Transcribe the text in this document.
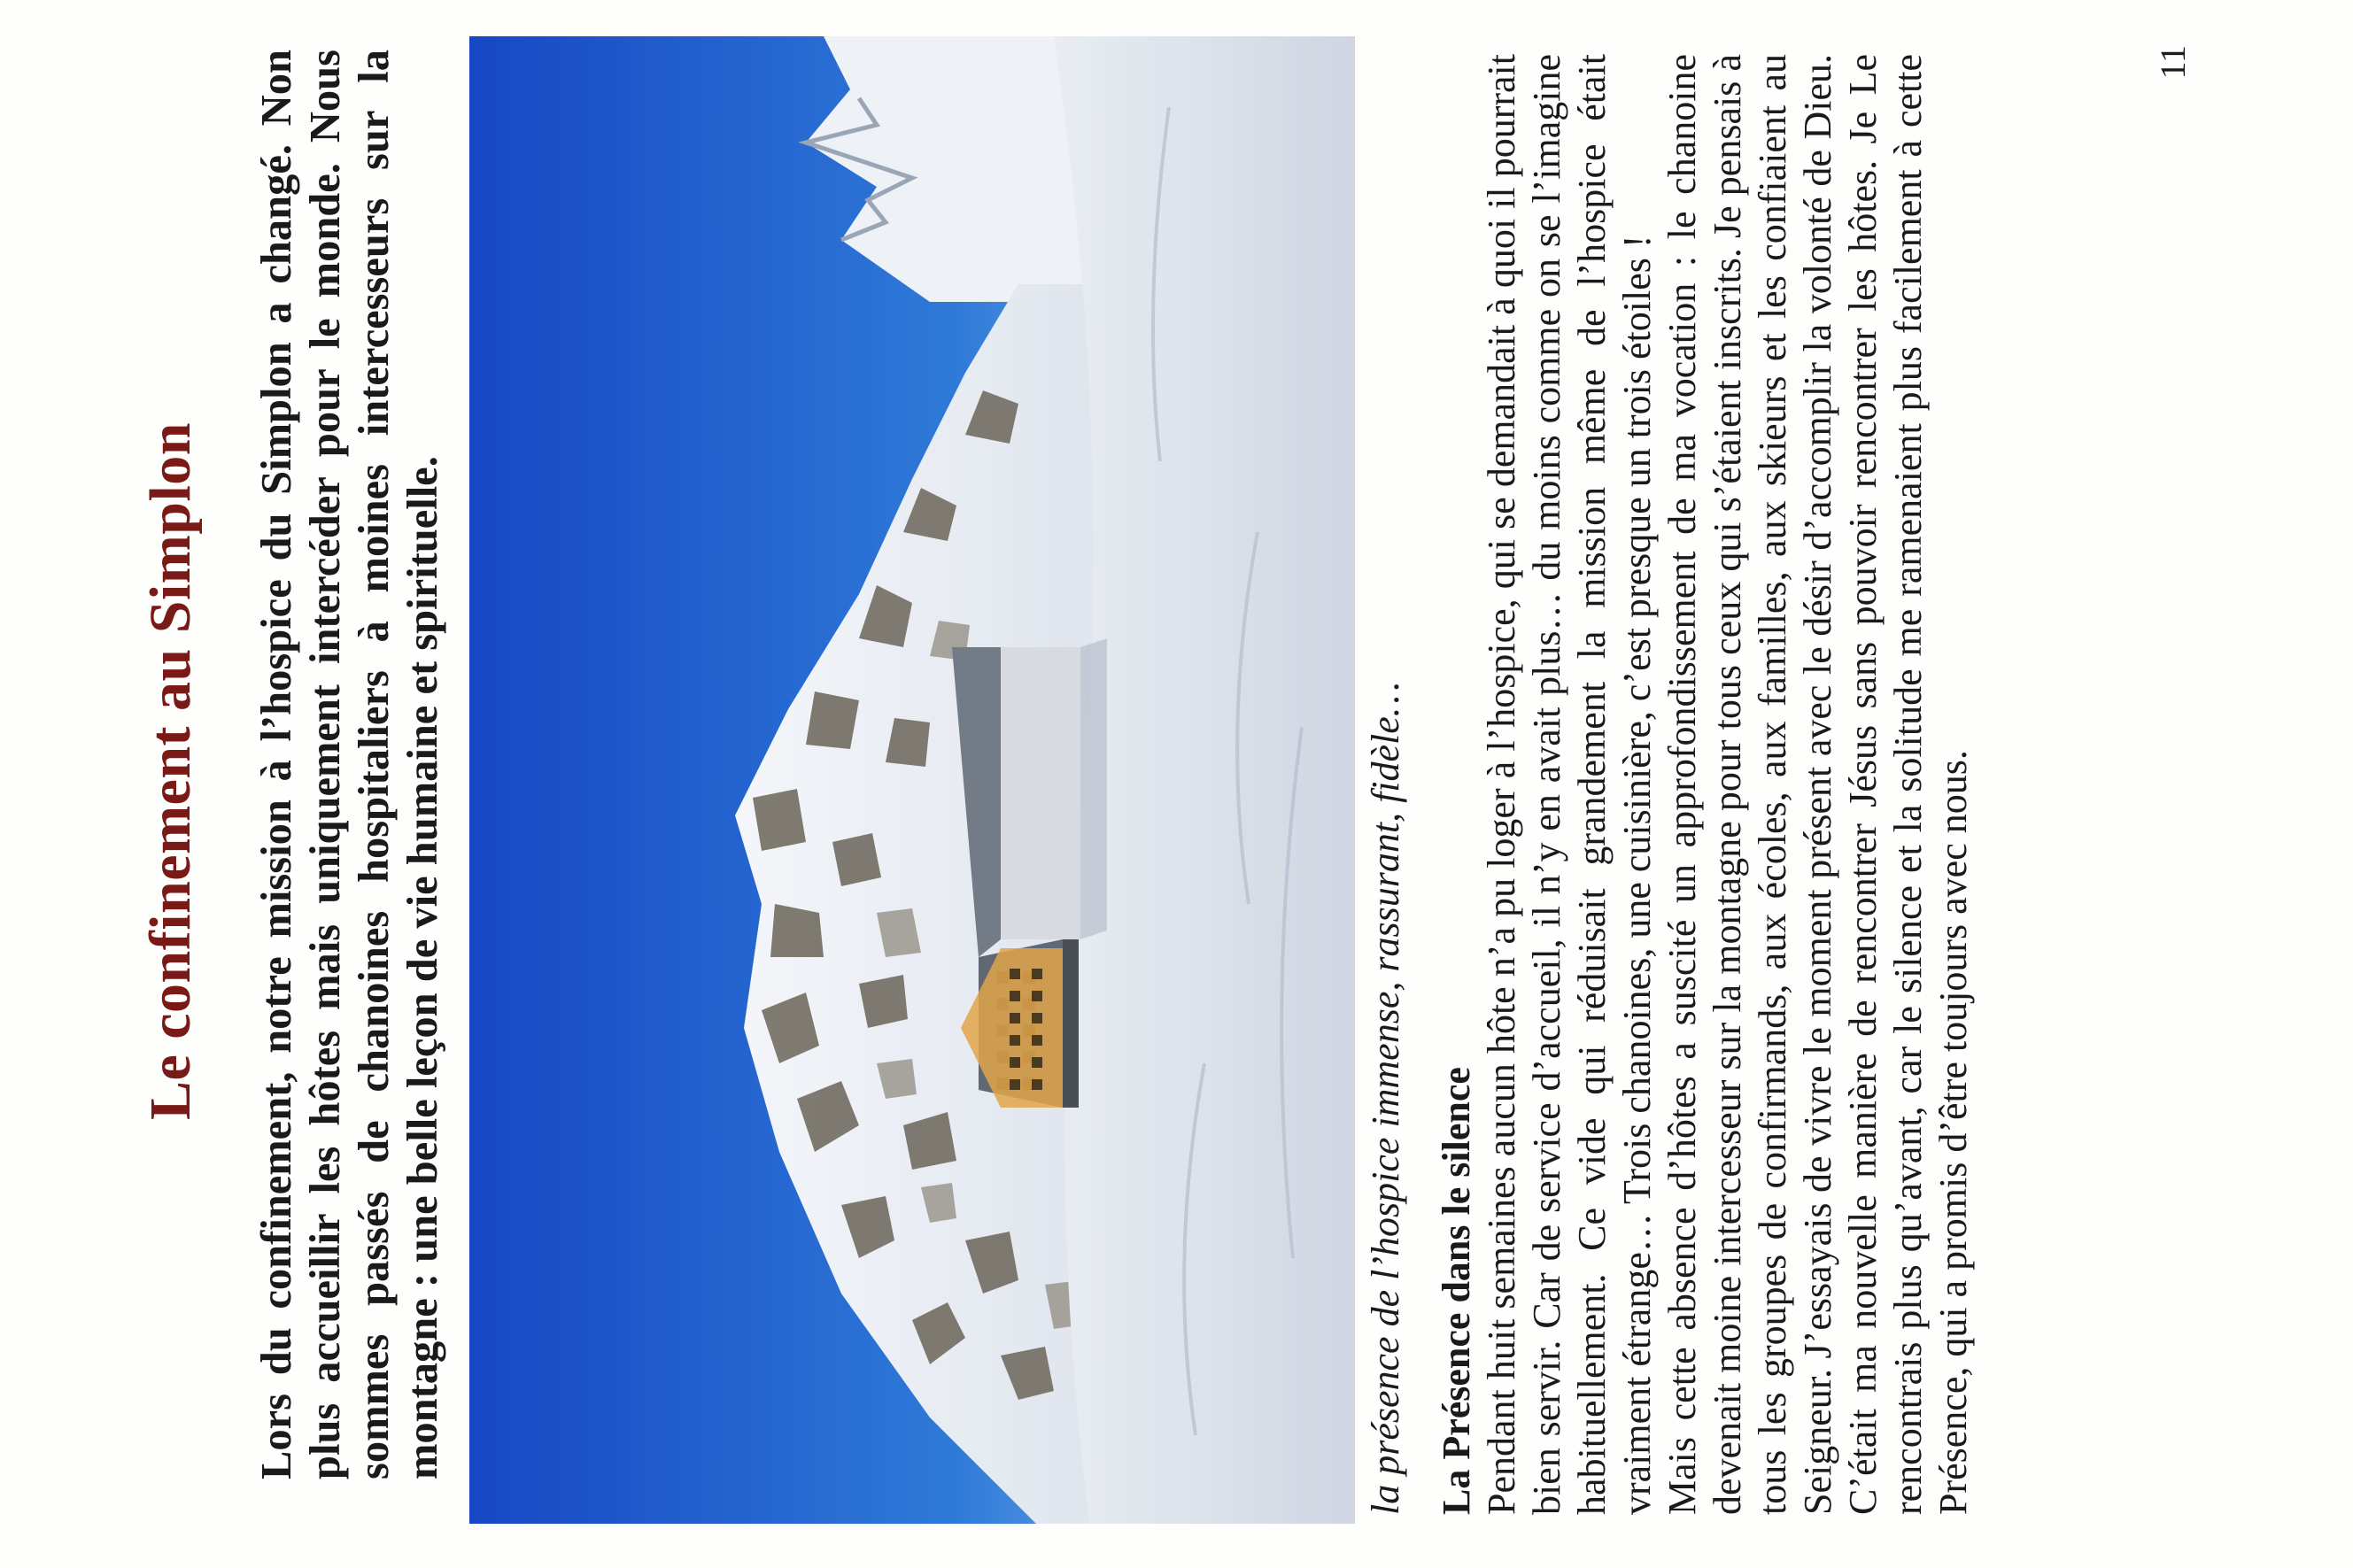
Le confinement au Simplon Lors du confinement, notre mission à l’hospice du Simplon a changé. Non plus accueillir les hôtes mais uniquement intercéder pour le monde. Nous sommes passés de chanoines hospitaliers à moines intercesseurs sur la montagne : une belle leçon de vie humaine et spirituelle.	la présence de l’hospice immense, rassurant, fidèle… La Présence dans le silence Pendant huit semaines aucun hôte n’a pu loger à l’hospice, qui se demandait à quoi il pourrait bien servir. Car de service d’accueil, il n’y en avait plus… du moins comme on se l’imagine habituellement. Ce vide qui réduisait grandement la mission même de l’hospice était vraiment étrange… Trois chanoines, une cuisinière, c’est presque un trois étoiles ! Mais cette absence d’hôtes a suscité un approfondissement de ma vocation : le chanoine devenait moine intercesseur sur la montagne pour tous ceux qui s’étaient inscrits. Je pensais à tous les groupes de confirmands, aux écoles, aux familles, aux skieurs et les confiaient au Seigneur. J’essayais de vivre le moment présent avec le désir d’accomplir la volonté de Dieu. C’était ma nouvelle manière de rencontrer Jésus sans pouvoir rencontrer les hôtes. Je Le rencontrais plus qu’avant, car le silence et la solitude me ramenaient plus facilement à cette Présence, qui a promis d’être toujours avec nous.

11
